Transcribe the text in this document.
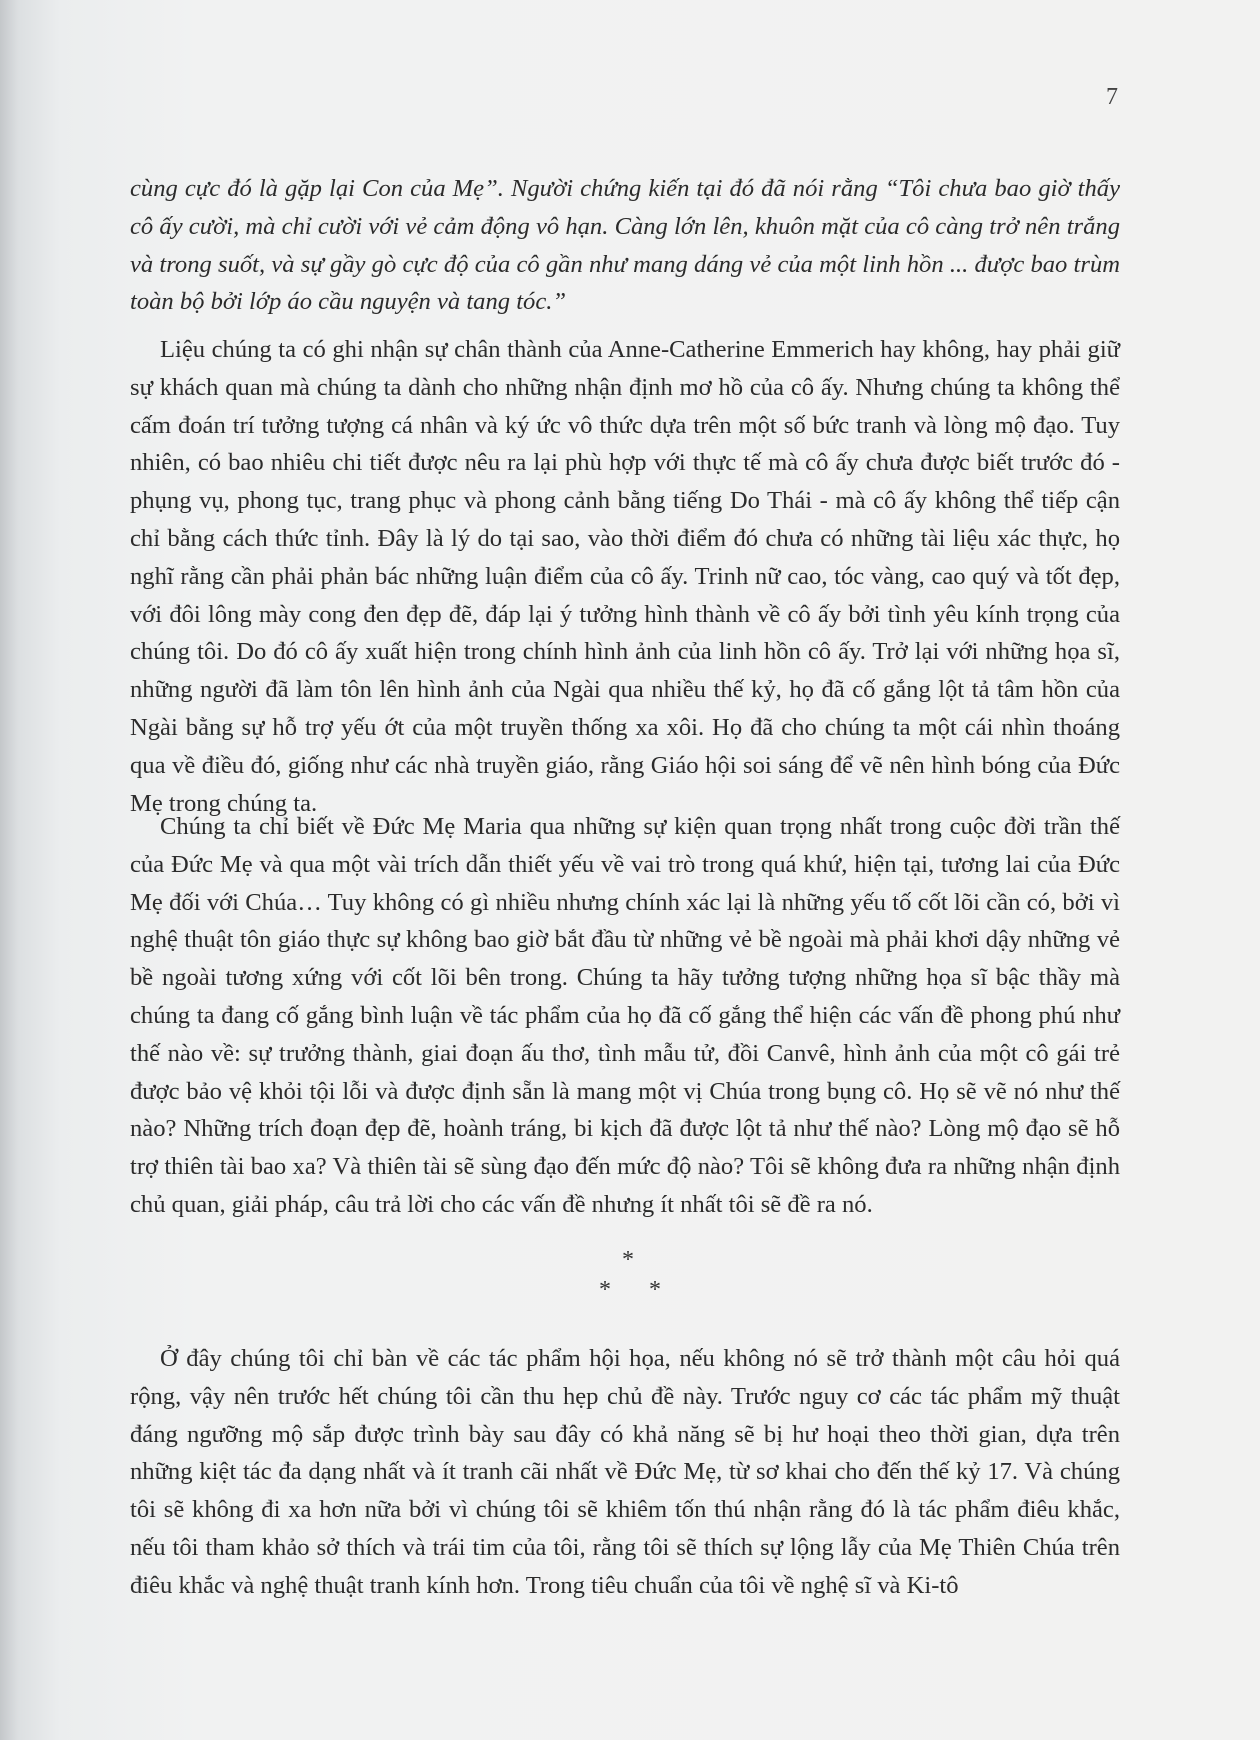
7

cùng cực đó là gặp lại Con của Mẹ”. Người chứng kiến tại đó đã nói rằng “Tôi chưa bao giờ thấy cô ấy cười, mà chỉ cười với vẻ cảm động vô hạn. Càng lớn lên, khuôn mặt của cô càng trở nên trắng và trong suốt, và sự gầy gò cực độ của cô gần như mang dáng vẻ của một linh hồn ... được bao trùm toàn bộ bởi lớp áo cầu nguyện và tang tóc.”

Liệu chúng ta có ghi nhận sự chân thành của Anne-Catherine Emmerich hay không, hay phải giữ sự khách quan mà chúng ta dành cho những nhận định mơ hồ của cô ấy. Nhưng chúng ta không thể cấm đoán trí tưởng tượng cá nhân và ký ức vô thức dựa trên một số bức tranh và lòng mộ đạo. Tuy nhiên, có bao nhiêu chi tiết được nêu ra lại phù hợp với thực tế mà cô ấy chưa được biết trước đó - phụng vụ, phong tục, trang phục và phong cảnh bằng tiếng Do Thái - mà cô ấy không thể tiếp cận chỉ bằng cách thức tỉnh. Đây là lý do tại sao, vào thời điểm đó chưa có những tài liệu xác thực, họ nghĩ rằng cần phải phản bác những luận điểm của cô ấy. Trinh nữ cao, tóc vàng, cao quý và tốt đẹp, với đôi lông mày cong đen đẹp đẽ, đáp lại ý tưởng hình thành về cô ấy bởi tình yêu kính trọng của chúng tôi. Do đó cô ấy xuất hiện trong chính hình ảnh của linh hồn cô ấy. Trở lại với những họa sĩ, những người đã làm tôn lên hình ảnh của Ngài qua nhiều thế kỷ, họ đã cố gắng lột tả tâm hồn của Ngài bằng sự hỗ trợ yếu ớt của một truyền thống xa xôi. Họ đã cho chúng ta một cái nhìn thoáng qua về điều đó, giống như các nhà truyền giáo, rằng Giáo hội soi sáng để vẽ nên hình bóng của Đức Mẹ trong chúng ta.

Chúng ta chỉ biết về Đức Mẹ Maria qua những sự kiện quan trọng nhất trong cuộc đời trần thế của Đức Mẹ và qua một vài trích dẫn thiết yếu về vai trò trong quá khứ, hiện tại, tương lai của Đức Mẹ đối với Chúa… Tuy không có gì nhiều nhưng chính xác lại là những yếu tố cốt lõi cần có, bởi vì nghệ thuật tôn giáo thực sự không bao giờ bắt đầu từ những vẻ bề ngoài mà phải khơi dậy những vẻ bề ngoài tương xứng với cốt lõi bên trong. Chúng ta hãy tưởng tượng những họa sĩ bậc thầy mà chúng ta đang cố gắng bình luận về tác phẩm của họ đã cố gắng thể hiện các vấn đề phong phú như thế nào về: sự trưởng thành, giai đoạn ấu thơ, tình mẫu tử, đồi Canvê, hình ảnh của một cô gái trẻ được bảo vệ khỏi tội lỗi và được định sẵn là mang một vị Chúa trong bụng cô. Họ sẽ vẽ nó như thế nào? Những trích đoạn đẹp đẽ, hoành tráng, bi kịch đã được lột tả như thế nào? Lòng mộ đạo sẽ hỗ trợ thiên tài bao xa? Và thiên tài sẽ sùng đạo đến mức độ nào? Tôi sẽ không đưa ra những nhận định chủ quan, giải pháp, câu trả lời cho các vấn đề nhưng ít nhất tôi sẽ đề ra nó.

*
* *

Ở đây chúng tôi chỉ bàn về các tác phẩm hội họa, nếu không nó sẽ trở thành một câu hỏi quá rộng, vậy nên trước hết chúng tôi cần thu hẹp chủ đề này. Trước nguy cơ các tác phẩm mỹ thuật đáng ngưỡng mộ sắp được trình bày sau đây có khả năng sẽ bị hư hoại theo thời gian, dựa trên những kiệt tác đa dạng nhất và ít tranh cãi nhất về Đức Mẹ, từ sơ khai cho đến thế kỷ 17. Và chúng tôi sẽ không đi xa hơn nữa bởi vì chúng tôi sẽ khiêm tốn thú nhận rằng đó là tác phẩm điêu khắc, nếu tôi tham khảo sở thích và trái tim của tôi, rằng tôi sẽ thích sự lộng lẫy của Mẹ Thiên Chúa trên điêu khắc và nghệ thuật tranh kính hơn. Trong tiêu chuẩn của tôi về nghệ sĩ và Ki-tô
